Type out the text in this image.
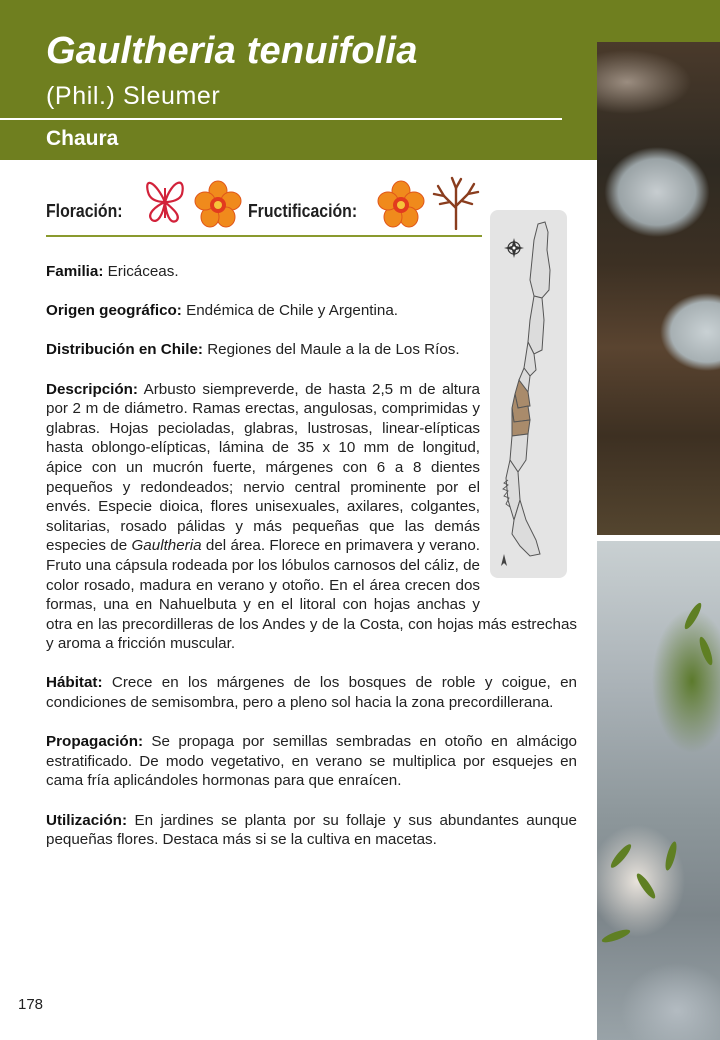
Gaultheria tenuifolia
(Phil.) Sleumer
Chaura
Floración:	Fructificación:

Familia: Ericáceas.

Origen geográfico: Endémica de Chile y Argentina.

Distribución en Chile: Regiones del Maule a la de Los Ríos.

Descripción: Arbusto siempreverde, de hasta 2,5 m de altura por 2 m de diámetro. Ramas erectas, angulosas, comprimidas y glabras. Hojas pecioladas, glabras, lustrosas, linear-elípticas hasta oblongo-elípticas, lámina de 35 x 10 mm de longitud, ápice con un mucrón fuerte, márgenes con 6 a 8 dientes pequeños y redondeados; nervio central prominente por el envés. Especie dioica, flores unisexuales, axilares, colgantes, solitarias, rosado pálidas y más pequeñas que las demás especies de Gaultheria del área. Florece en primavera y verano. Fruto una cápsula rodeada por los lóbulos carnosos del cáliz, de color rosado, madura en verano y otoño. En el área crecen dos formas, una en Nahuelbuta y en el litoral con hojas anchas y otra en las precordilleras de los Andes y de la Costa, con hojas más estrechas y aroma a fricción muscular.

Hábitat: Crece en los márgenes de los bosques de roble y coigue, en condiciones de semisombra, pero a pleno sol hacia la zona precordillerana.

Propagación: Se propaga por semillas sembradas en otoño en almácigo estratificado. De modo vegetativo, en verano se multiplica por esquejes en cama fría aplicándoles hormonas para que enraícen.

Utilización: En jardines se planta por su follaje y sus abundantes aunque pequeñas flores. Destaca más si se la cultiva en macetas.

178
